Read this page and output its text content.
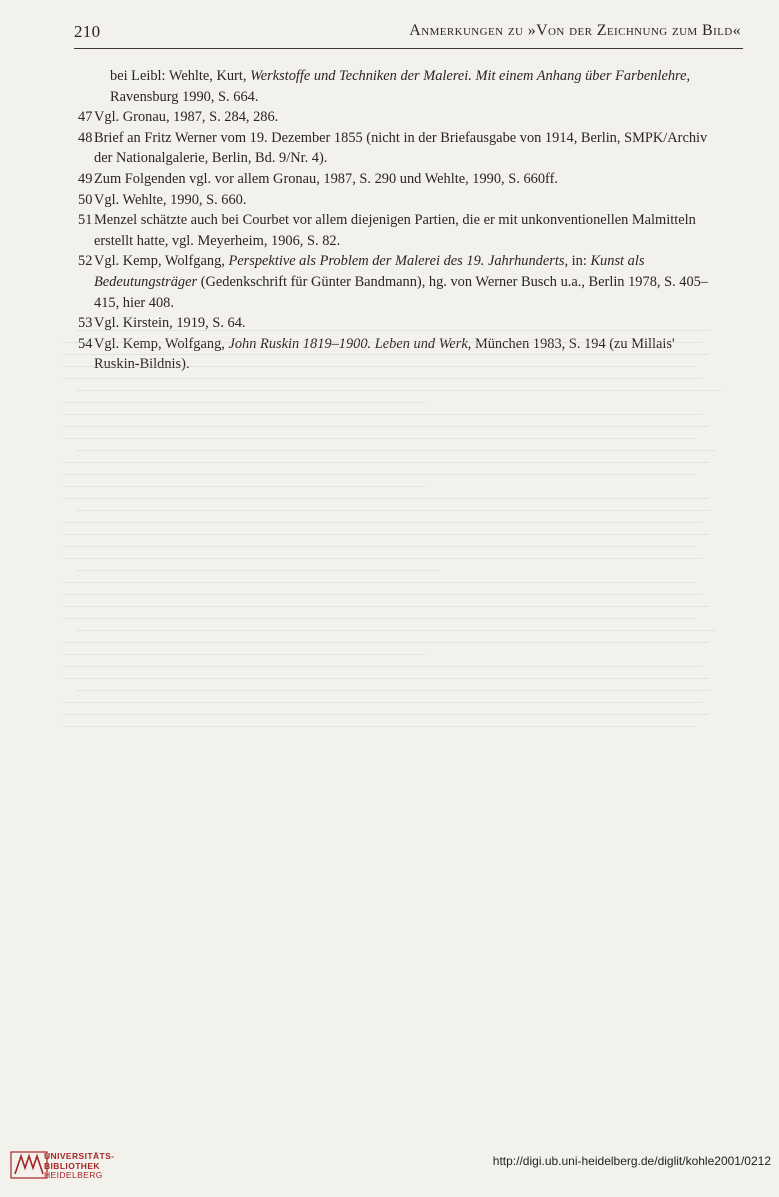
210	Anmerkungen zu »Von der Zeichnung zum Bild«
bei Leibl: Wehlte, Kurt, Werkstoffe und Techniken der Malerei. Mit einem Anhang über Farbenlehre, Ravensburg 1990, S. 664.
47 Vgl. Gronau, 1987, S. 284, 286.
48 Brief an Fritz Werner vom 19. Dezember 1855 (nicht in der Briefausgabe von 1914, Berlin, SMPK/Archiv der Nationalgalerie, Berlin, Bd. 9/Nr. 4).
49 Zum Folgenden vgl. vor allem Gronau, 1987, S. 290 und Wehlte, 1990, S. 660ff.
50 Vgl. Wehlte, 1990, S. 660.
51 Menzel schätzte auch bei Courbet vor allem diejenigen Partien, die er mit unkonventionellen Malmitteln erstellt hatte, vgl. Meyerheim, 1906, S. 82.
52 Vgl. Kemp, Wolfgang, Perspektive als Problem der Malerei des 19. Jahrhunderts, in: Kunst als Bedeutungsträger (Gedenkschrift für Günter Bandmann), hg. von Werner Busch u.a., Berlin 1978, S. 405–415, hier 408.
53 Vgl. Kirstein, 1919, S. 64.
54 Vgl. Kemp, Wolfgang, John Ruskin 1819–1900. Leben und Werk, München 1983, S. 194 (zu Millais' Ruskin-Bildnis).
UNIVERSITÄTS-
BIBLIOTHEK
HEIDELBERG
http://digi.ub.uni-heidelberg.de/diglit/kohle2001/0212
